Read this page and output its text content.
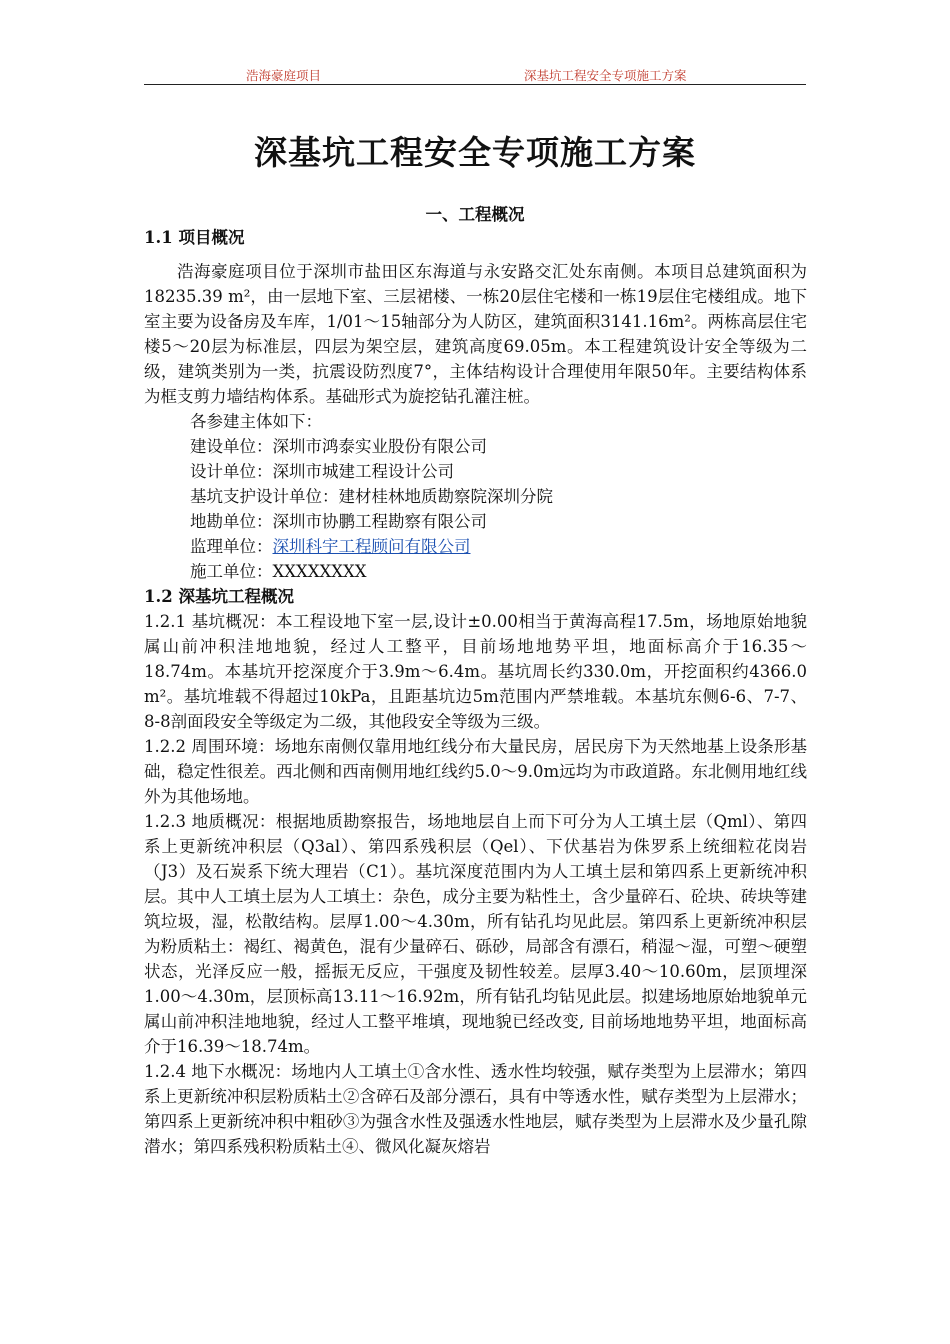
浩海豪庭项目	深基坑工程安全专项施工方案
深基坑工程安全专项施工方案
一、工程概况

1.1 项目概况

浩海豪庭项目位于深圳市盐田区东海道与永安路交汇处东南侧。本项目总建筑面积为18235.39 m²，由一层地下室、三层裙楼、一栋20层住宅楼和一栋19层住宅楼组成。地下室主要为设备房及车库，1/01～15轴部分为人防区，建筑面积3141.16m²。两栋高层住宅楼5～20层为标准层，四层为架空层，建筑高度69.05m。本工程建筑设计安全等级为二级，建筑类别为一类，抗震设防烈度7°，主体结构设计合理使用年限50年。主要结构体系为框支剪力墙结构体系。基础形式为旋挖钻孔灌注桩。

各参建主体如下：

建设单位：深圳市鸿泰实业股份有限公司

设计单位：深圳市城建工程设计公司

基坑支护设计单位：建材桂林地质勘察院深圳分院

地勘单位：深圳市协鹏工程勘察有限公司

监理单位：深圳科宇工程顾问有限公司

施工单位：XXXXXXXX

1.2 深基坑工程概况

1.2.1 基坑概况：本工程设地下室一层,设计±0.00相当于黄海高程17.5m，场地原始地貌属山前冲积洼地地貌，经过人工整平，目前场地地势平坦，地面标高介于16.35～18.74m。本基坑开挖深度介于3.9m～6.4m。基坑周长约330.0m，开挖面积约4366.0 m²。基坑堆载不得超过10kPa，且距基坑边5m范围内严禁堆载。本基坑东侧6-6、7-7、8-8剖面段安全等级定为二级，其他段安全等级为三级。

1.2.2 周围环境：场地东南侧仅靠用地红线分布大量民房，居民房下为天然地基上设条形基础，稳定性很差。西北侧和西南侧用地红线约5.0～9.0m远均为市政道路。东北侧用地红线外为其他场地。

1.2.3 地质概况：根据地质勘察报告，场地地层自上而下可分为人工填土层（Qml）、第四系上更新统冲积层（Q3al）、第四系残积层（Qel）、下伏基岩为侏罗系上统细粒花岗岩（J3）及石炭系下统大理岩（C1）。基坑深度范围内为人工填土层和第四系上更新统冲积层。其中人工填土层为人工填土：杂色，成分主要为粘性土，含少量碎石、砼块、砖块等建筑垃圾，湿，松散结构。层厚1.00～4.30m，所有钻孔均见此层。第四系上更新统冲积层为粉质粘土：褐红、褐黄色，混有少量碎石、砾砂，局部含有漂石，稍湿～湿，可塑～硬塑状态，光泽反应一般，摇振无反应，干强度及韧性较差。层厚3.40～10.60m，层顶埋深1.00～4.30m，层顶标高13.11～16.92m，所有钻孔均钻见此层。拟建场地原始地貌单元属山前冲积洼地地貌，经过人工整平堆填，现地貌已经改变, 目前场地地势平坦，地面标高介于16.39～18.74m。

1.2.4 地下水概况：场地内人工填土①含水性、透水性均较强，赋存类型为上层滞水；第四系上更新统冲积层粉质粘土②含碎石及部分漂石，具有中等透水性，赋存类型为上层滞水；第四系上更新统冲积中粗砂③为强含水性及强透水性地层，赋存类型为上层滞水及少量孔隙潜水；第四系残积粉质粘土④、微风化凝灰熔岩
